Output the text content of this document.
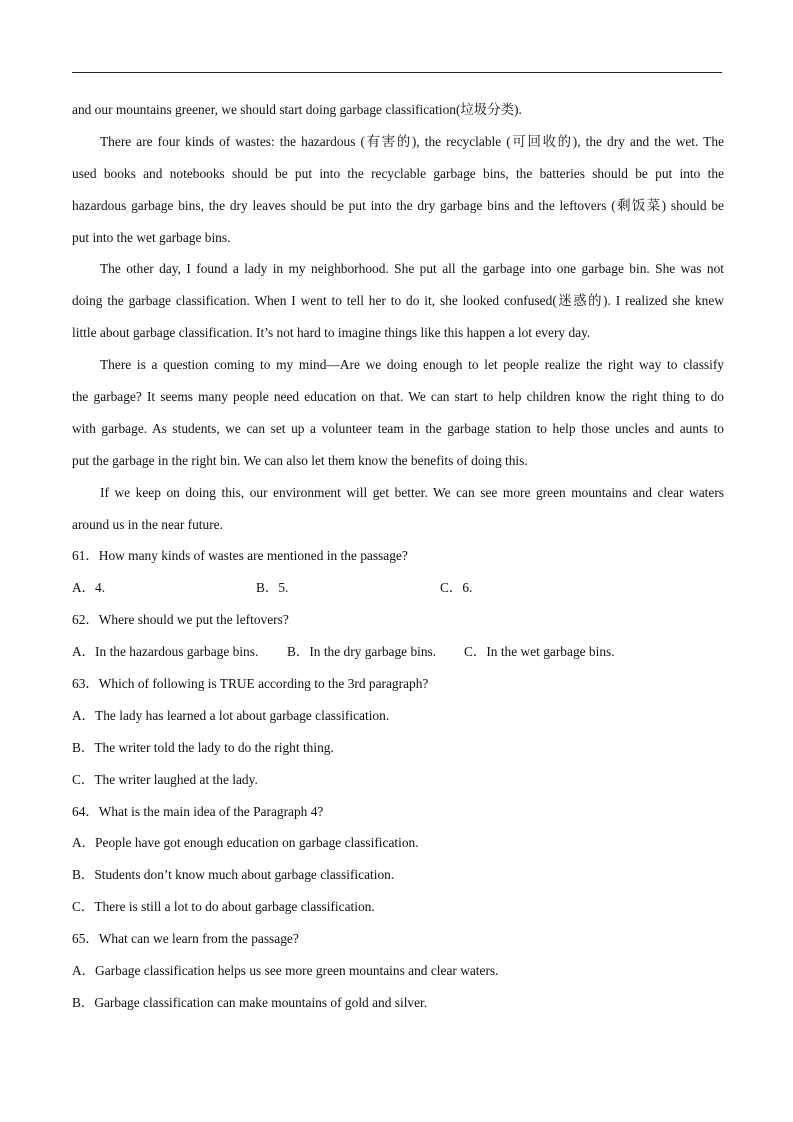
and our mountains greener, we should start doing garbage classification(垃圾分类).
There are four kinds of wastes: the hazardous (有害的), the recyclable (可回收的), the dry and the wet. The
used books and notebooks should be put into the recyclable garbage bins, the batteries should be put into the
hazardous garbage bins, the dry leaves should be put into the dry garbage bins and the leftovers (剩饭菜) should be
put into the wet garbage bins.
The other day, I found a lady in my neighborhood. She put all the garbage into one garbage bin. She was not
doing the garbage classification. When I went to tell her to do it, she looked confused(迷惑的). I realized she knew
little about garbage classification. It’s not hard to imagine things like this happen a lot every day.
There is a question coming to my mind—Are we doing enough to let people realize the right way to classify
the garbage? It seems many people need education on that. We can start to help children know the right thing to do
with garbage. As students, we can set up a volunteer team in the garbage station to help those uncles and aunts to
put the garbage in the right bin. We can also let them know the benefits of doing this.
If we keep on doing this, our environment will get better. We can see more green mountains and clear waters
around us in the near future.
61．How many kinds of wastes are mentioned in the passage?
A．4.	B．5.	C．6.
62．Where should we put the leftovers?
A．In the hazardous garbage bins. B．In the dry garbage bins. C．In the wet garbage bins.
63．Which of following is TRUE according to the 3rd paragraph?
A．The lady has learned a lot about garbage classification.
B．The writer told the lady to do the right thing.
C．The writer laughed at the lady.
64．What is the main idea of the Paragraph 4?
A．People have got enough education on garbage classification.
B．Students don’t know much about garbage classification.
C．There is still a lot to do about garbage classification.
65．What can we learn from the passage?
A．Garbage classification helps us see more green mountains and clear waters.
B．Garbage classification can make mountains of gold and silver.
